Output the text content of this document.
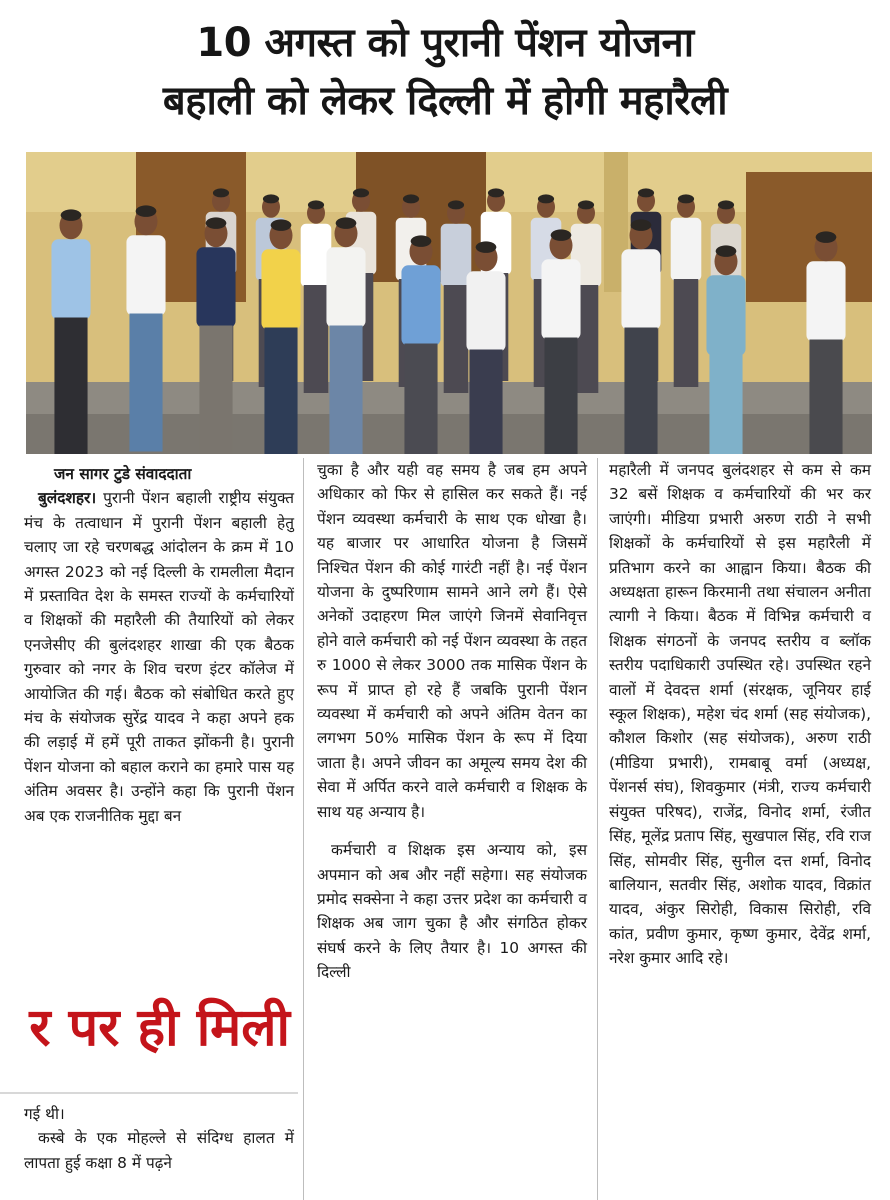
10 अगस्त को पुरानी पेंशन योजना
बहाली को लेकर दिल्ली में होगी महारैली

जन सागर टुडे संवाददाता

बुलंदशहर। पुरानी पेंशन बहाली राष्ट्रीय संयुक्त मंच के तत्वाधान में पुरानी पेंशन बहाली हेतु चलाए जा रहे चरणबद्ध आंदोलन के क्रम में 10 अगस्त 2023 को नई दिल्ली के रामलीला मैदान में प्रस्तावित देश के समस्त राज्यों के कर्मचारियों व शिक्षकों की महारैली की तैयारियों को लेकर एनजेसीए की बुलंदशहर शाखा की एक बैठक गुरुवार को नगर के शिव चरण इंटर कॉलेज में आयोजित की गई। बैठक को संबोधित करते हुए मंच के संयोजक सुरेंद्र यादव ने कहा अपने हक की लड़ाई में हमें पूरी ताकत झोंकनी है। पुरानी पेंशन योजना को बहाल कराने का हमारे पास यह अंतिम अवसर है। उन्होंने कहा कि पुरानी पेंशन अब एक राजनीतिक मुद्दा बन

र पर ही मिली

गई थी।

कस्बे के एक मोहल्ले से संदिग्ध हालत में लापता हुई कक्षा 8 में पढ़ने

चुका है और यही वह समय है जब हम अपने अधिकार को फिर से हासिल कर सकते हैं। नई पेंशन व्यवस्था कर्मचारी के साथ एक धोखा है। यह बाजार पर आधारित योजना है जिसमें निश्चित पेंशन की कोई गारंटी नहीं है। नई पेंशन योजना के दुष्परिणाम सामने आने लगे हैं। ऐसे अनेकों उदाहरण मिल जाएंगे जिनमें सेवानिवृत्त होने वाले कर्मचारी को नई पेंशन व्यवस्था के तहत रु 1000 से लेकर 3000 तक मासिक पेंशन के रूप में प्राप्त हो रहे हैं जबकि पुरानी पेंशन व्यवस्था में कर्मचारी को अपने अंतिम वेतन का लगभग 50% मासिक पेंशन के रूप में दिया जाता है। अपने जीवन का अमूल्य समय देश की सेवा में अर्पित करने वाले कर्मचारी व शिक्षक के साथ यह अन्याय है।

कर्मचारी व शिक्षक इस अन्याय को, इस अपमान को अब और नहीं सहेगा। सह संयोजक प्रमोद सक्सेना ने कहा उत्तर प्रदेश का कर्मचारी व शिक्षक अब जाग चुका है और संगठित होकर संघर्ष करने के लिए तैयार है। 10 अगस्त की दिल्ली

महारैली में जनपद बुलंदशहर से कम से कम 32 बसें शिक्षक व कर्मचारियों की भर कर जाएंगी। मीडिया प्रभारी अरुण राठी ने सभी शिक्षकों के कर्मचारियों से इस महारैली में प्रतिभाग करने का आह्वान किया। बैठक की अध्यक्षता हारून किरमानी तथा संचालन अनीता त्यागी ने किया। बैठक में विभिन्न कर्मचारी व शिक्षक संगठनों के जनपद स्तरीय व ब्लॉक स्तरीय पदाधिकारी उपस्थित रहे। उपस्थित रहने वालों में देवदत्त शर्मा (संरक्षक, जूनियर हाई स्कूल शिक्षक), महेश चंद शर्मा (सह संयोजक), कौशल किशोर (सह संयोजक), अरुण राठी (मीडिया प्रभारी), रामबाबू वर्मा (अध्यक्ष, पेंशनर्स संघ), शिवकुमार (मंत्री, राज्य कर्मचारी संयुक्त परिषद), राजेंद्र, विनोद शर्मा, रंजीत सिंह, मूलेंद्र प्रताप सिंह, सुखपाल सिंह, रवि राज सिंह, सोमवीर सिंह, सुनील दत्त शर्मा, विनोद बालियान, सतवीर सिंह, अशोक यादव, विक्रांत यादव, अंकुर सिरोही, विकास सिरोही, रवि कांत, प्रवीण कुमार, कृष्ण कुमार, देवेंद्र शर्मा, नरेश कुमार आदि रहे।
